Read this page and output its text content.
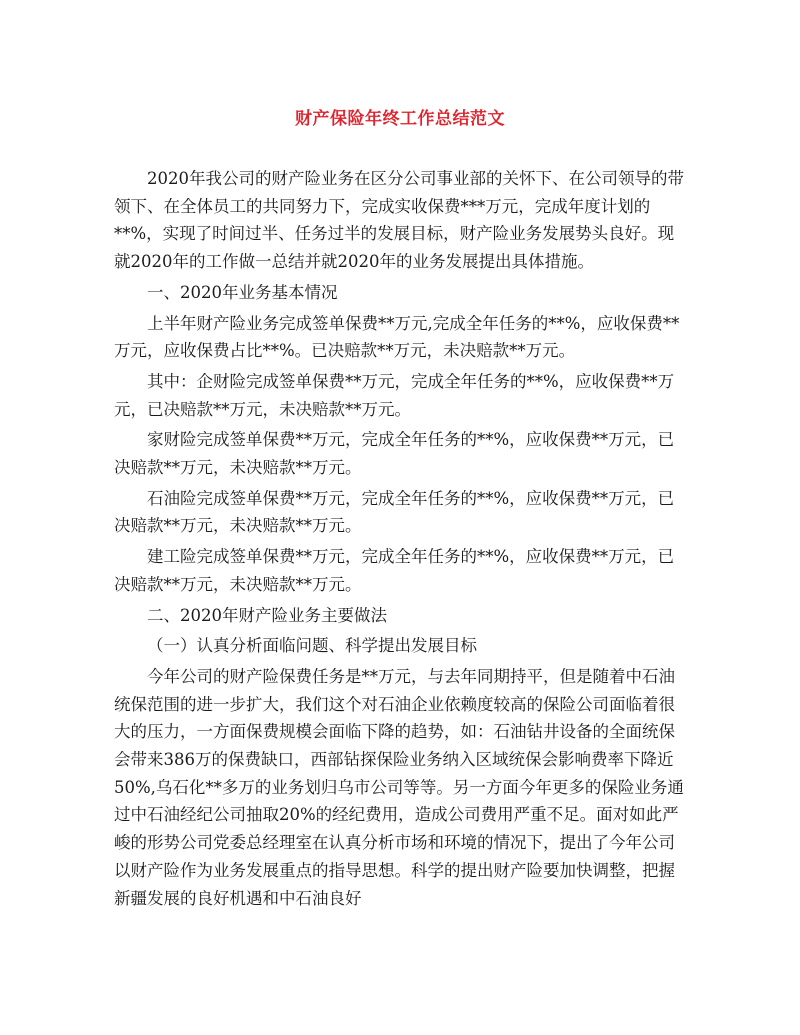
财产保险年终工作总结范文

2020年我公司的财产险业务在区分公司事业部的关怀下、在公司领导的带领下、在全体员工的共同努力下，完成实收保费***万元，完成年度计划的**%，实现了时间过半、任务过半的发展目标，财产险业务发展势头良好。现就2020年的工作做一总结并就2020年的业务发展提出具体措施。

一、2020年业务基本情况

上半年财产险业务完成签单保费**万元,完成全年任务的**%，应收保费**万元，应收保费占比**%。已决赔款**万元，未决赔款**万元。

其中：企财险完成签单保费**万元，完成全年任务的**%，应收保费**万元，已决赔款**万元，未决赔款**万元。

家财险完成签单保费**万元，完成全年任务的**%，应收保费**万元，已决赔款**万元，未决赔款**万元。

石油险完成签单保费**万元，完成全年任务的**%，应收保费**万元，已决赔款**万元，未决赔款**万元。

建工险完成签单保费**万元，完成全年任务的**%，应收保费**万元，已决赔款**万元，未决赔款**万元。

二、2020年财产险业务主要做法

（一）认真分析面临问题、科学提出发展目标

今年公司的财产险保费任务是**万元，与去年同期持平，但是随着中石油统保范围的进一步扩大，我们这个对石油企业依赖度较高的保险公司面临着很大的压力，一方面保费规模会面临下降的趋势，如：石油钻井设备的全面统保会带来386万的保费缺口，西部钻探保险业务纳入区域统保会影响费率下降近50%,乌石化**多万的业务划归乌市公司等等。另一方面今年更多的保险业务通过中石油经纪公司抽取20%的经纪费用，造成公司费用严重不足。面对如此严峻的形势公司党委总经理室在认真分析市场和环境的情况下，提出了今年公司以财产险作为业务发展重点的指导思想。科学的提出财产险要加快调整，把握新疆发展的良好机遇和中石油良好
